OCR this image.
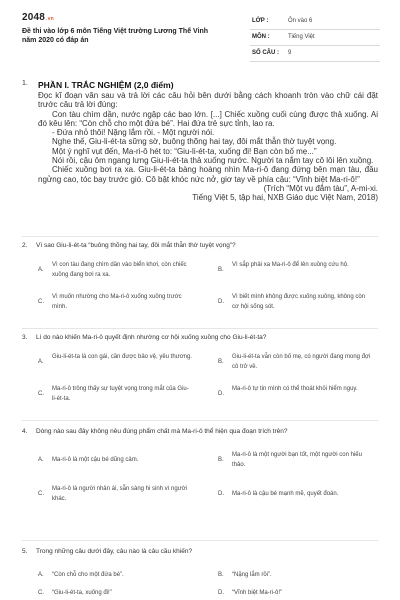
2048.vn
Đề thi vào lớp 6 môn Tiếng Việt trường Lương Thế Vinh năm 2020 có đáp án
LỚP :	Ôn vào 6
MÔN :	Tiếng Việt
SỐ CÂU : 9
1. PHẦN I. TRẮC NGHIỆM (2,0 điểm)

Đọc kĩ đoạn văn sau và trả lời các câu hỏi bên dưới bằng cách khoanh tròn vào chữ cái đặt trước câu trả lời đúng:

Con tàu chìm dần, nước ngập các bao lớn. [...] Chiếc xuồng cuối cùng được thả xuống. Ai đó kêu lên: “Còn chỗ cho một đứa bé”. Hai đứa trẻ sực tỉnh, lao ra.

- Đứa nhỏ thôi! Nặng lắm rồi. - Một người nói.

Nghe thế, Giu-li-ét-ta sững sờ, buông thõng hai tay, đôi mắt thẫn thờ tuyệt vọng.

Một ý nghĩ vụt đến, Ma-ri-ô hét to: “Giu-li-ét-ta, xuống đi! Bạn còn bố mẹ...”

Nói rồi, cậu ôm ngang lưng Giu-li-ét-ta thả xuống nước. Người ta nắm tay cô lôi lên xuồng.

Chiếc xuồng bơi ra xa. Giu-li-ét-ta bàng hoàng nhìn Ma-ri-ô đang đứng bên mạn tàu, đầu ngửng cao, tóc bay trước gió. Cô bật khóc nức nở, giơ tay về phía cậu: “Vĩnh biệt Ma-ri-ô!”

(Trích “Một vụ đắm tàu”, A-mi-xi.

Tiếng Việt 5, tập hai, NXB Giáo dục Việt Nam, 2018)

2. Vì sao Giu-li-ét-ta “buông thõng hai tay, đôi mắt thẫn thờ tuyệt vọng”?
A.
Vì con tàu đang chìm dần vào biển khơi, còn chiếc xuồng đang bơi ra xa.
B.
Vì sắp phải xa Ma-ri-ô để lên xuồng cứu hộ.
C.
Vì muốn nhường cho Ma-ri-ô xuống xuồng trước mình.
D.
Vì biết mình không được xuống xuồng, không còn cơ hội sống sót.
3. Lí do nào khiến Ma-ri-ô quyết định nhường cơ hội xuống xuồng cho Giu-li-ét-ta?
A.
Giu-li-ét-ta là con gái, cần được bảo vệ, yêu thương.
B.
Giu-li-ét-ta vẫn còn bố mẹ, có người đang mong đợi cô trở về.
C.
Ma-ri-ô trông thấy sự tuyệt vọng trong mắt của Giu-li-ét-ta.
D.
Ma-ri-ô tự tin mình có thể thoát khỏi hiểm nguy.
4. Dòng nào sau đây không nêu đúng phẩm chất mà Ma-ri-ô thể hiện qua đoạn trích trên?
A. Ma-ri-ô là một cậu bé dũng cảm.	B.
Ma-ri-ô là một người bạn tốt, một người con hiếu thảo.
C.
Ma-ri-ô là người nhân ái, sẵn sàng hi sinh vì người khác.
D. Ma-ri-ô là cậu bé mạnh mẽ, quyết đoán.
5. Trong những câu dưới đây, câu nào là câu cầu khiến?
A. “Còn chỗ cho một đứa bé”.	B. “Nặng lắm rồi”.
C. “Giu-li-ét-ta, xuống đi!”	D. “Vĩnh biệt Ma-ri-ô!”
